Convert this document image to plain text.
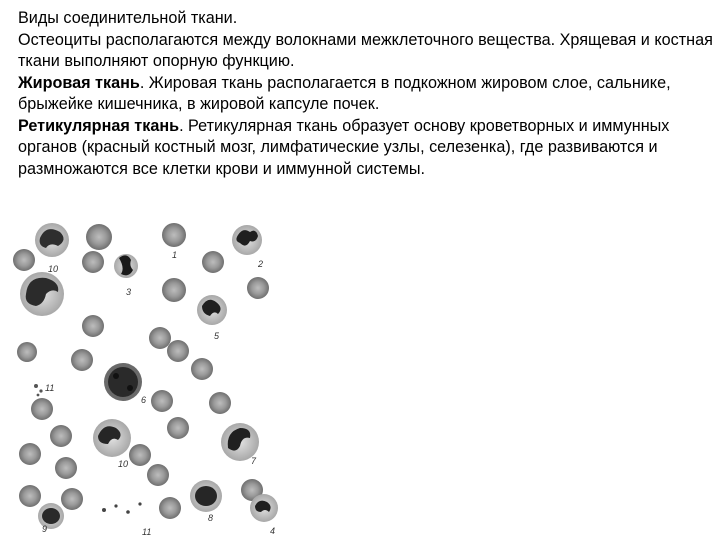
Виды соединительной ткани.

Остеоциты располагаются между волокнами межклеточного вещества. Хрящевая и костная ткани выполняют опорную функцию.

Жировая ткань. Жировая ткань располагается в подкожном жировом слое, сальнике, брыжейке кишечника, в жировой капсуле почек.

Ретикулярная ткань. Ретикулярная ткань образует основу кроветворных и иммунных органов (красный костный мозг, лимфатические узлы, селезенка), где развиваются и размножаются все клетки крови и иммунной системы.

10
1
2
3
5
11
6
10	7
8
9	11	4
